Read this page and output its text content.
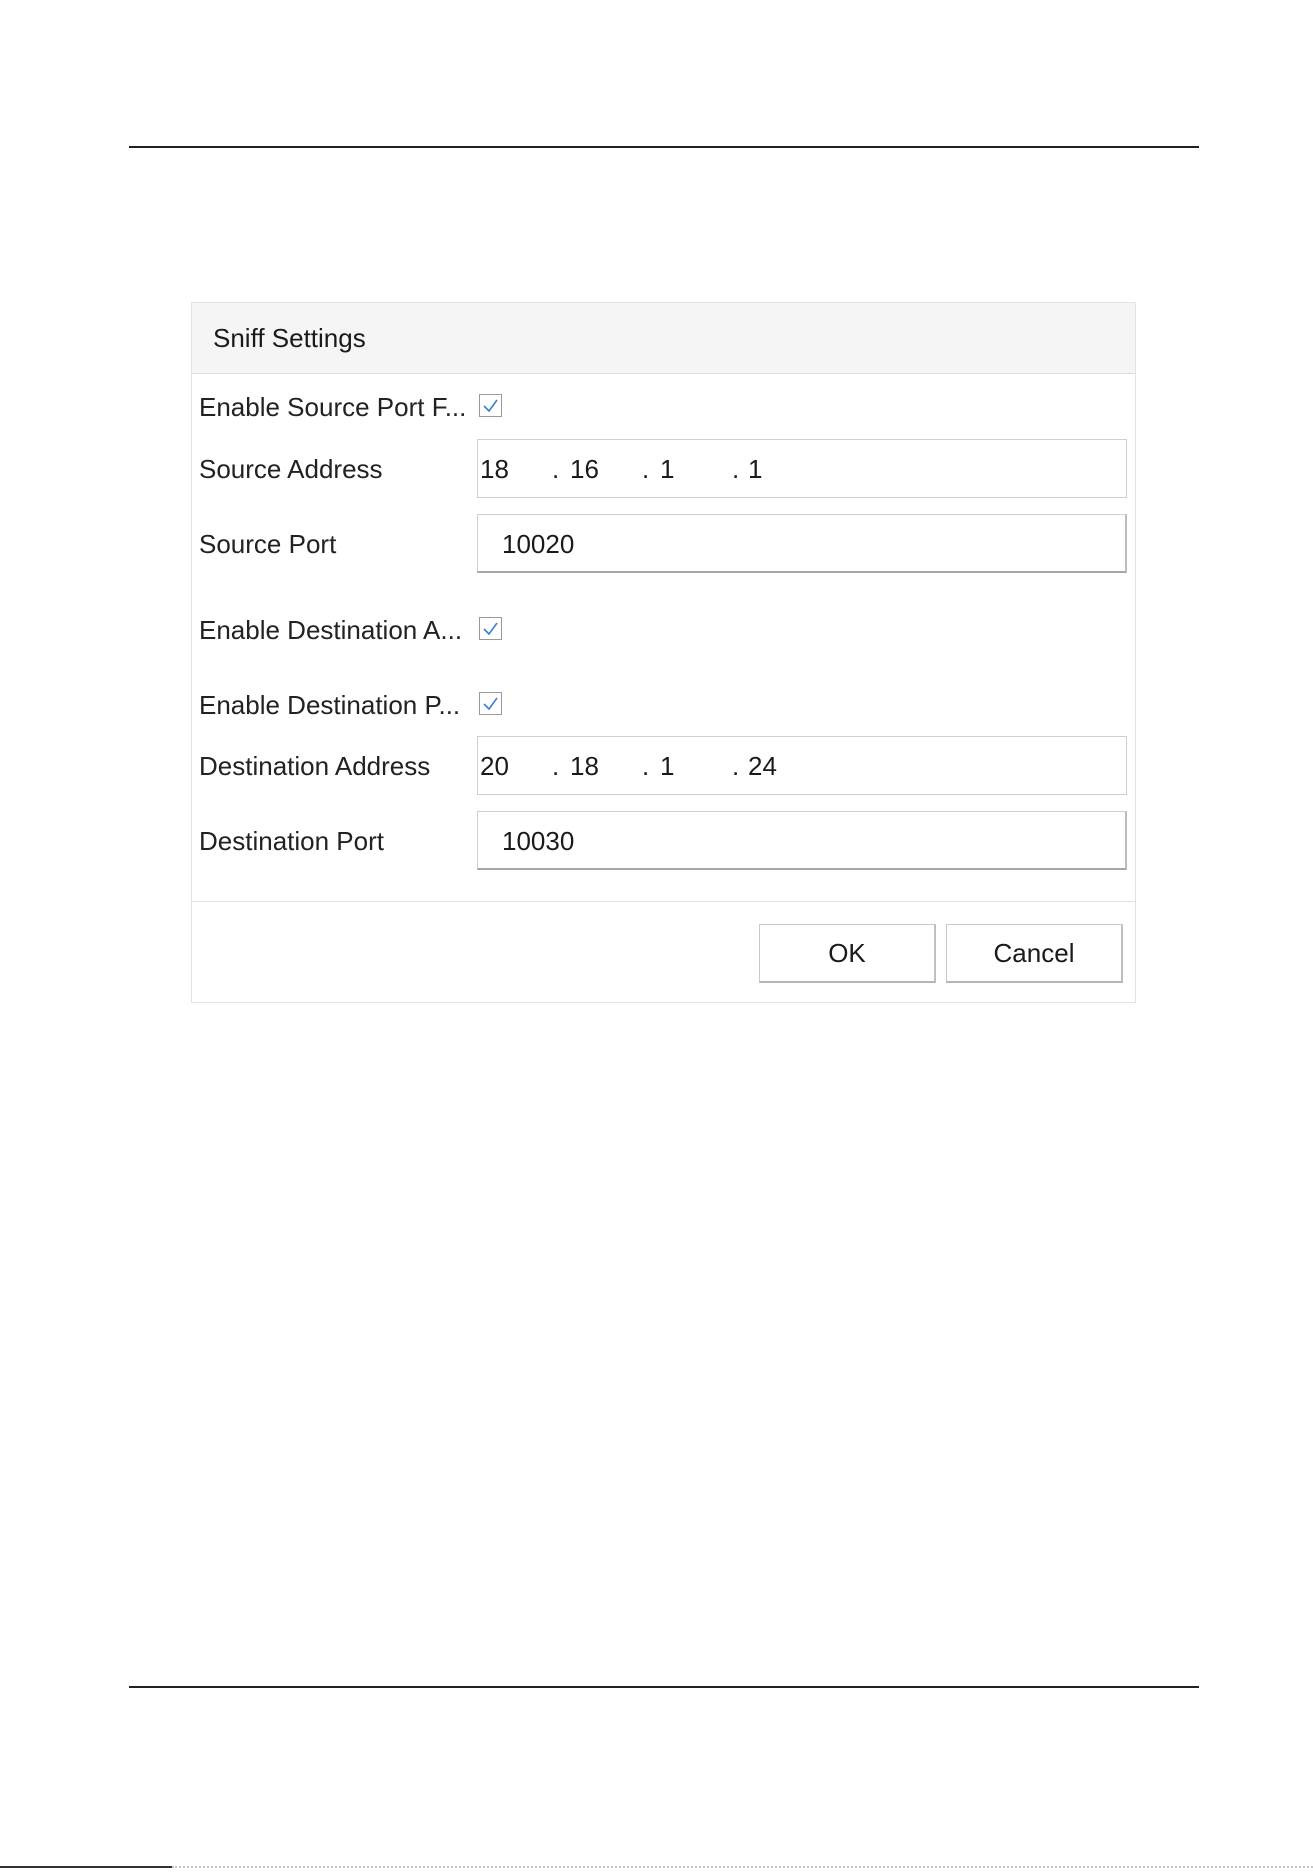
Sniff Settings
Enable Source Port F...
Source Address	18 . 16 . 1 . 1
Source Port	10020
Enable Destination A...
Enable Destination P...
Destination Address 20 . 18 . 1 . 24
Destination Port	10030
OK	Cancel
